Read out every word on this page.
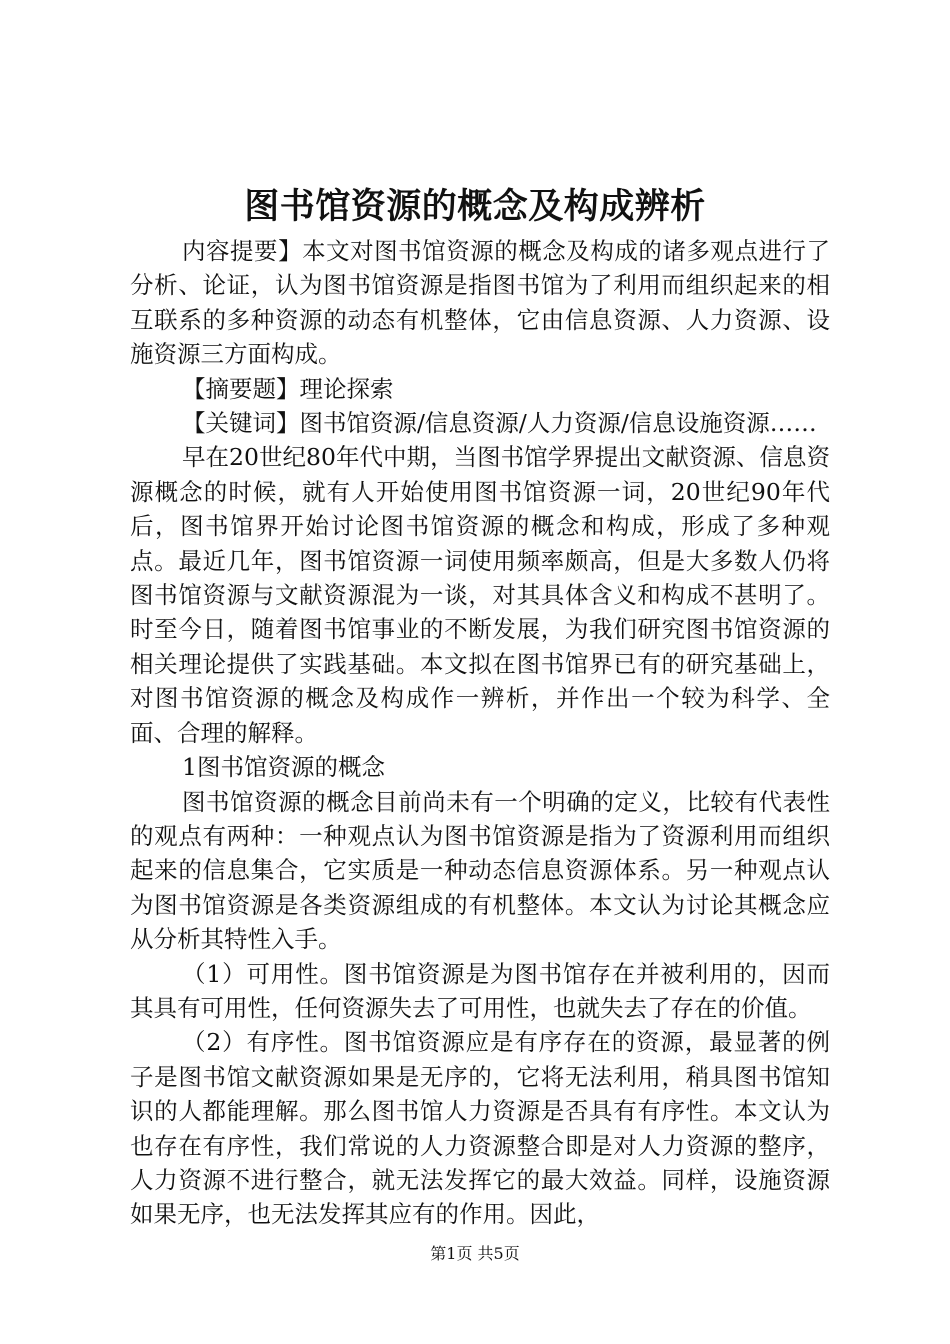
图书馆资源的概念及构成辨析

内容提要】本文对图书馆资源的概念及构成的诸多观点进行了分析、论证，认为图书馆资源是指图书馆为了利用而组织起来的相互联系的多种资源的动态有机整体，它由信息资源、人力资源、设施资源三方面构成。

【摘要题】理论探索

【关键词】图书馆资源/信息资源/人力资源/信息设施资源……

早在20世纪80年代中期，当图书馆学界提出文献资源、信息资源概念的时候，就有人开始使用图书馆资源一词，20世纪90年代后，图书馆界开始讨论图书馆资源的概念和构成，形成了多种观点。最近几年，图书馆资源一词使用频率颇高，但是大多数人仍将图书馆资源与文献资源混为一谈，对其具体含义和构成不甚明了。时至今日，随着图书馆事业的不断发展，为我们研究图书馆资源的相关理论提供了实践基础。本文拟在图书馆界已有的研究基础上，对图书馆资源的概念及构成作一辨析，并作出一个较为科学、全面、合理的解释。

1图书馆资源的概念

图书馆资源的概念目前尚未有一个明确的定义，比较有代表性的观点有两种：一种观点认为图书馆资源是指为了资源利用而组织起来的信息集合，它实质是一种动态信息资源体系。另一种观点认为图书馆资源是各类资源组成的有机整体。本文认为讨论其概念应从分析其特性入手。

（1）可用性。图书馆资源是为图书馆存在并被利用的，因而其具有可用性，任何资源失去了可用性，也就失去了存在的价值。

（2）有序性。图书馆资源应是有序存在的资源，最显著的例子是图书馆文献资源如果是无序的，它将无法利用，稍具图书馆知识的人都能理解。那么图书馆人力资源是否具有有序性。本文认为也存在有序性，我们常说的人力资源整合即是对人力资源的整序，人力资源不进行整合，就无法发挥它的最大效益。同样，设施资源如果无序，也无法发挥其应有的作用。因此，

第1页 共5页
